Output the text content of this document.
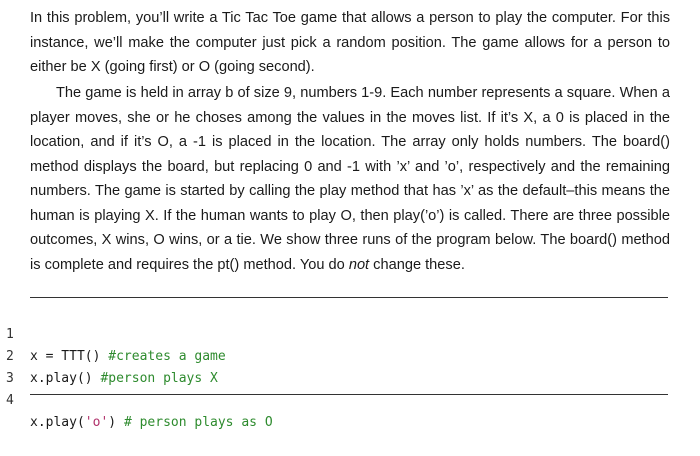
In this problem, you’ll write a Tic Tac Toe game that allows a person to play the computer. For this instance, we’ll make the computer just pick a random position. The game allows for a person to either be X (going first) or O (going second).

The game is held in array b of size 9, numbers 1-9. Each number represents a square. When a player moves, she or he choses among the values in the moves list. If it’s X, a 0 is placed in the location, and if it’s O, a -1 is placed in the location. The array only holds numbers. The board() method displays the board, but replacing 0 and -1 with ’x’ and ’o’, respectively and the remaining numbers. The game is started by calling the play method that has ’x’ as the default–this means the human is playing X. If the human wants to play O, then play(’o’) is called. There are three possible outcomes, X wins, O wins, or a tie. We show three runs of the program below. The board() method is complete and requires the pt() method. You do not change these.

1

x = TTT() #creates a game

2

x.play() #person plays X

3

4

x.play('o') # person plays as O
